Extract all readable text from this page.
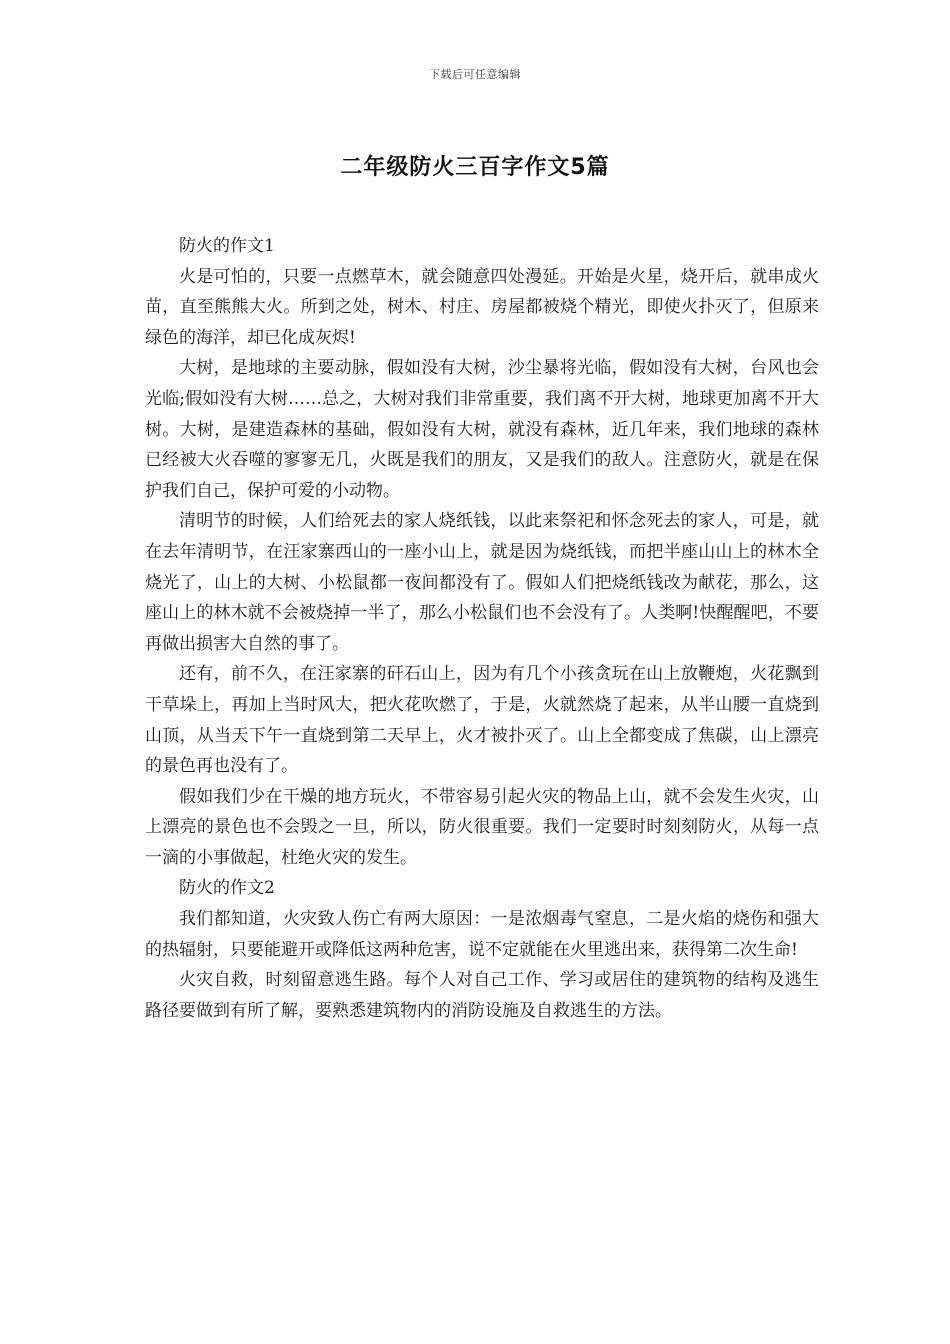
下载后可任意编辑
二年级防火三百字作文5篇

防火的作文1

火是可怕的，只要一点燃草木，就会随意四处漫延。开始是火星，烧开后，就串成火苗，直至熊熊大火。所到之处，树木、村庄、房屋都被烧个精光，即使火扑灭了，但原来绿色的海洋，却已化成灰烬!

大树，是地球的主要动脉，假如没有大树，沙尘暴将光临，假如没有大树，台风也会光临;假如没有大树……总之，大树对我们非常重要，我们离不开大树，地球更加离不开大树。大树，是建造森林的基础，假如没有大树，就没有森林，近几年来，我们地球的森林已经被大火吞噬的寥寥无几，火既是我们的朋友，又是我们的敌人。注意防火，就是在保护我们自己，保护可爱的小动物。

清明节的时候，人们给死去的家人烧纸钱，以此来祭祀和怀念死去的家人，可是，就在去年清明节，在汪家寨西山的一座小山上，就是因为烧纸钱，而把半座山山上的林木全烧光了，山上的大树、小松鼠都一夜间都没有了。假如人们把烧纸钱改为献花，那么，这座山上的林木就不会被烧掉一半了，那么小松鼠们也不会没有了。人类啊!快醒醒吧，不要再做出损害大自然的事了。

还有，前不久，在汪家寨的矸石山上，因为有几个小孩贪玩在山上放鞭炮，火花飘到干草垛上，再加上当时风大，把火花吹燃了，于是，火就然烧了起来，从半山腰一直烧到山顶，从当天下午一直烧到第二天早上，火才被扑灭了。山上全都变成了焦碳，山上漂亮的景色再也没有了。

假如我们少在干燥的地方玩火，不带容易引起火灾的物品上山，就不会发生火灾，山上漂亮的景色也不会毁之一旦，所以，防火很重要。我们一定要时时刻刻防火，从每一点一滴的小事做起，杜绝火灾的发生。

防火的作文2

我们都知道，火灾致人伤亡有两大原因：一是浓烟毒气窒息，二是火焰的烧伤和强大的热辐射，只要能避开或降低这两种危害，说不定就能在火里逃出来，获得第二次生命!

火灾自救，时刻留意逃生路。每个人对自己工作、学习或居住的建筑物的结构及逃生路径要做到有所了解，要熟悉建筑物内的消防设施及自救逃生的方法。
